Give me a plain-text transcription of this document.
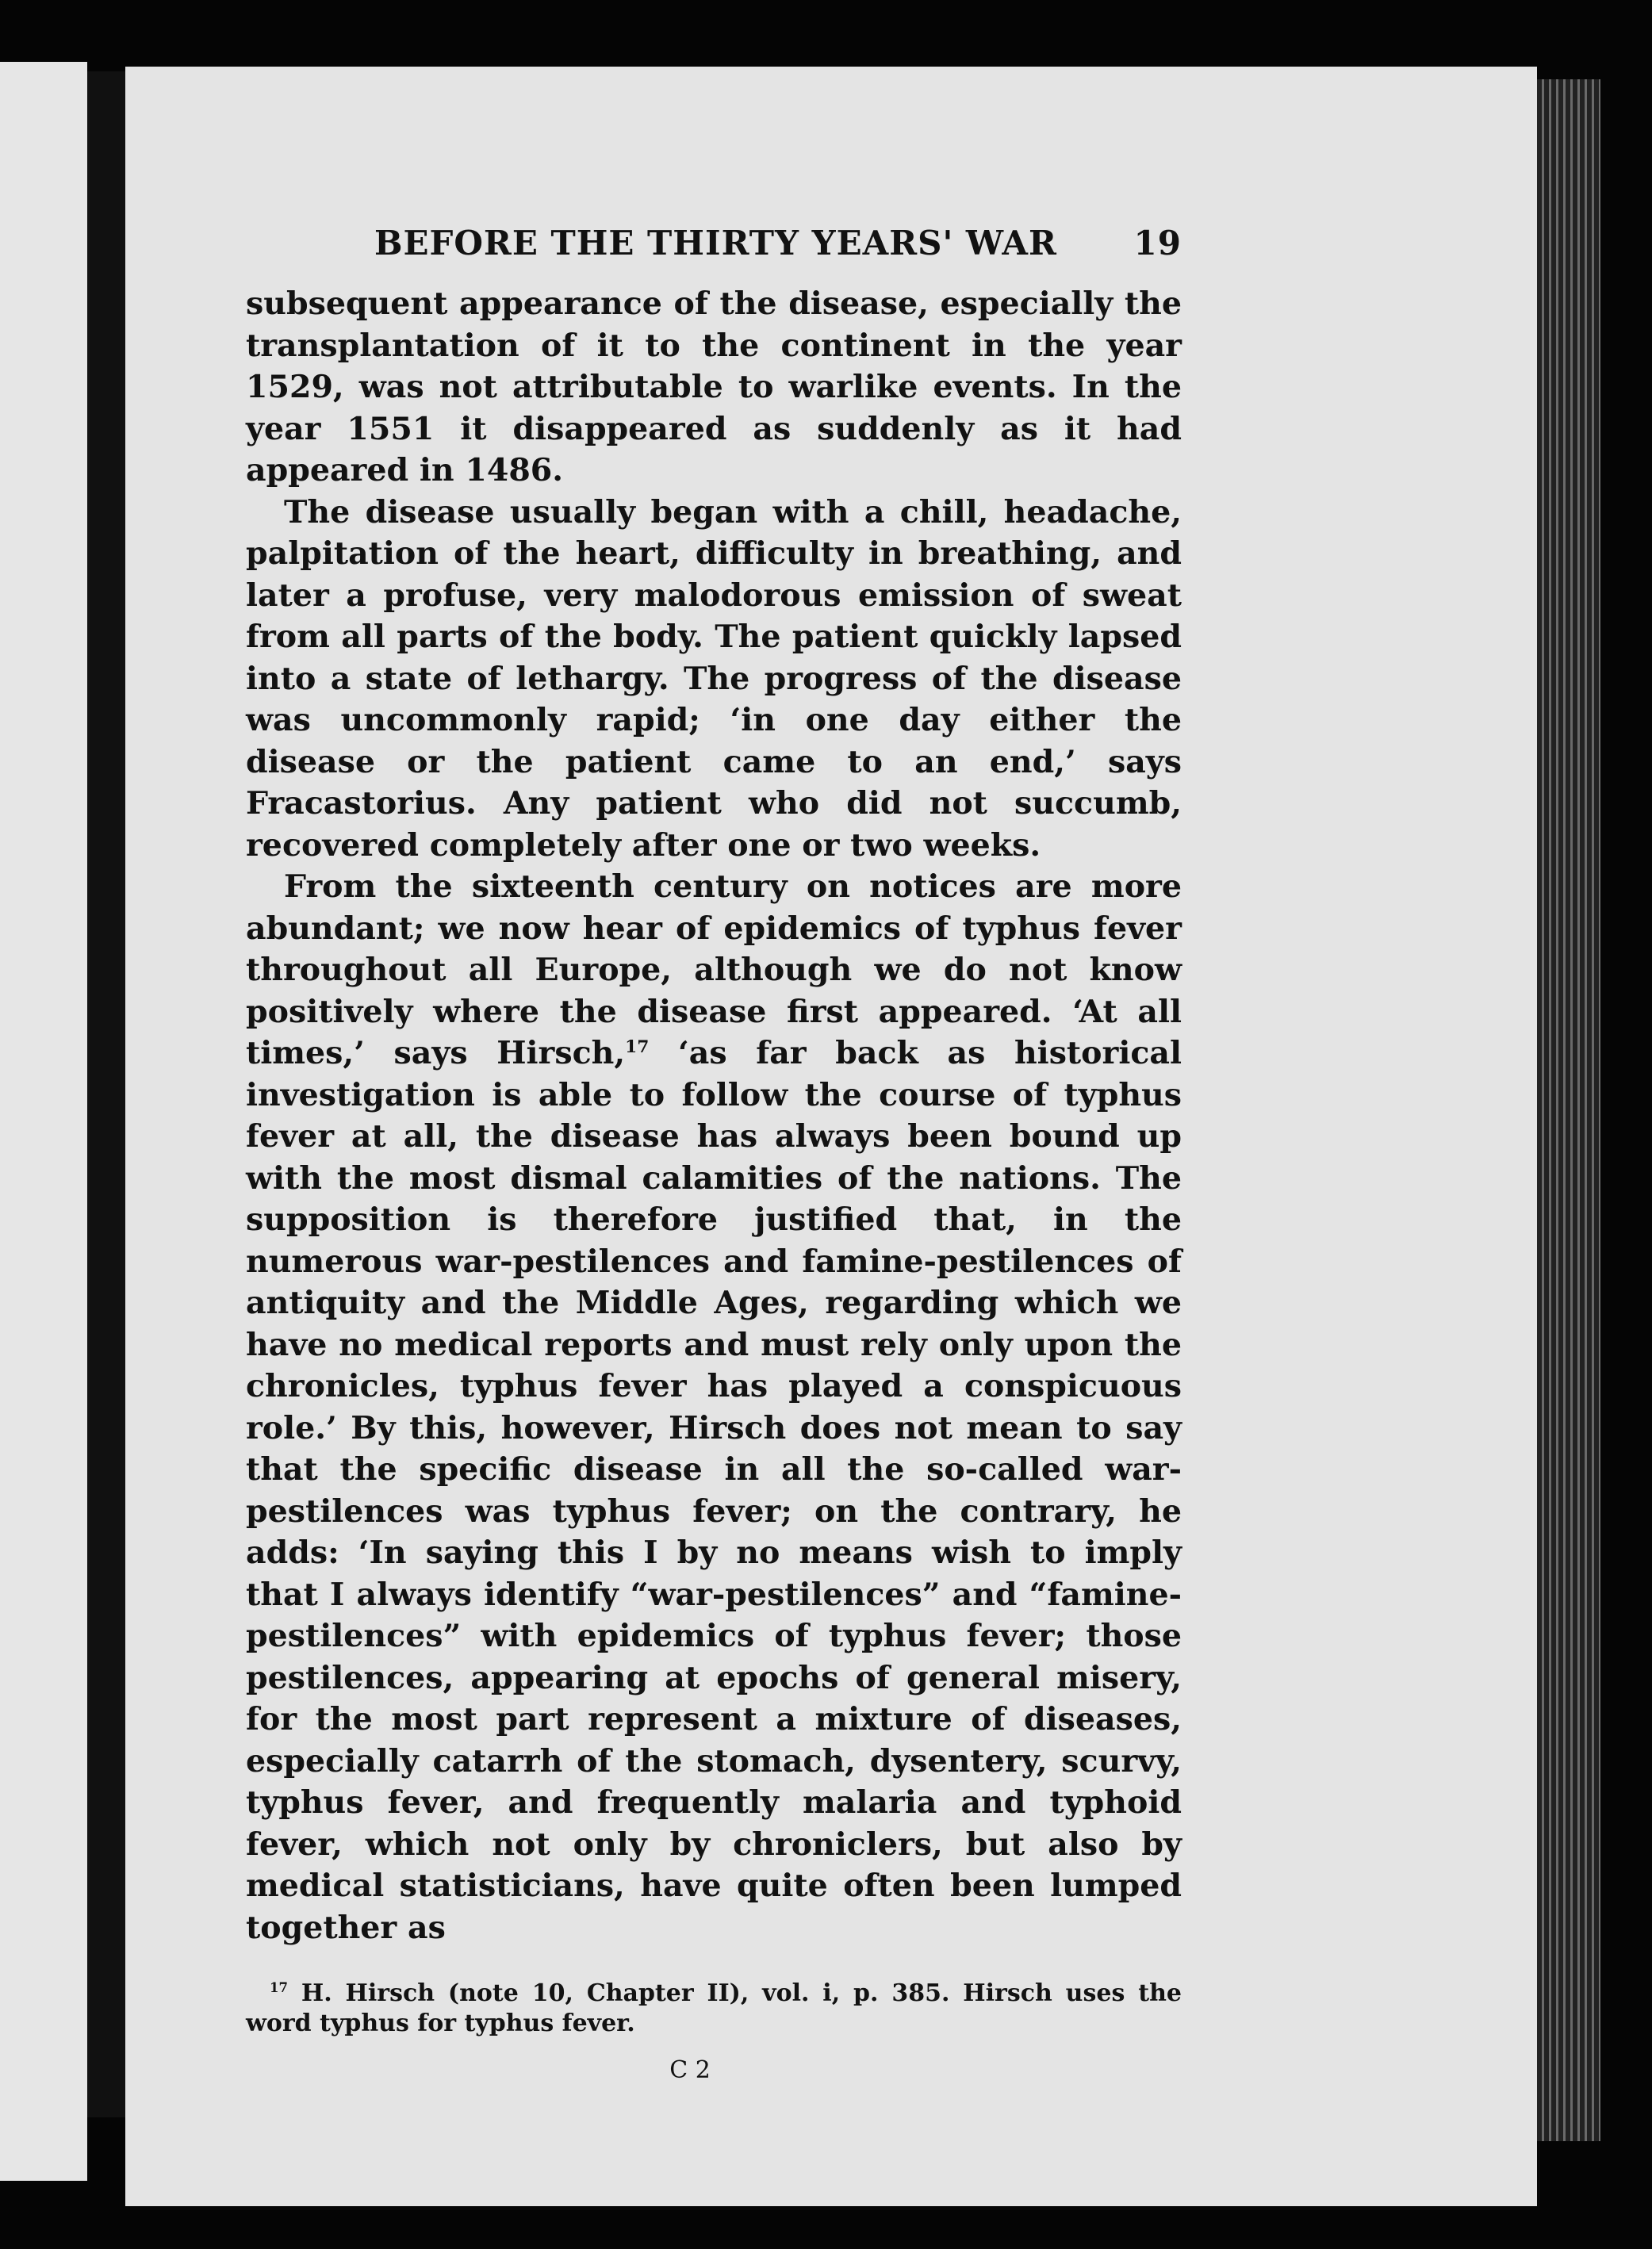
BEFORE THE THIRTY YEARS' WAR 19

subsequent appearance of the disease, especially the transplantation of it to the continent in the year 1529, was not attributable to warlike events. In the year 1551 it disappeared as suddenly as it had appeared in 1486.

The disease usually began with a chill, headache, palpitation of the heart, difficulty in breathing, and later a profuse, very malodorous emission of sweat from all parts of the body. The patient quickly lapsed into a state of lethargy. The progress of the disease was uncommonly rapid; ‘in one day either the disease or the patient came to an end,’ says Fracastorius. Any patient who did not succumb, recovered completely after one or two weeks.

From the sixteenth century on notices are more abundant; we now hear of epidemics of typhus fever throughout all Europe, although we do not know positively where the disease first appeared. ‘At all times,’ says Hirsch,$^{17}$ ‘as far back as historical investigation is able to follow the course of typhus fever at all, the disease has always been bound up with the most dismal calamities of the nations. The supposition is therefore justified that, in the numerous war-pestilences and famine-pestilences of antiquity and the Middle Ages, regarding which we have no medical reports and must rely only upon the chronicles, typhus fever has played a conspicuous role.’ By this, however, Hirsch does not mean to say that the specific disease in all the so-called war-pestilences was typhus fever; on the contrary, he adds: ‘In saying this I by no means wish to imply that I always identify “war-pestilences” and “famine-pestilences” with epidemics of typhus fever; those pestilences, appearing at epochs of general misery, for the most part represent a mixture of diseases, especially catarrh of the stomach, dysentery, scurvy, typhus fever, and frequently malaria and typhoid fever, which not only by chroniclers, but also by medical statisticians, have quite often been lumped together as

$^{17}$ H. Hirsch (note 10, Chapter II), vol. i, p. 385. Hirsch uses the word typhus for typhus fever.
C 2
